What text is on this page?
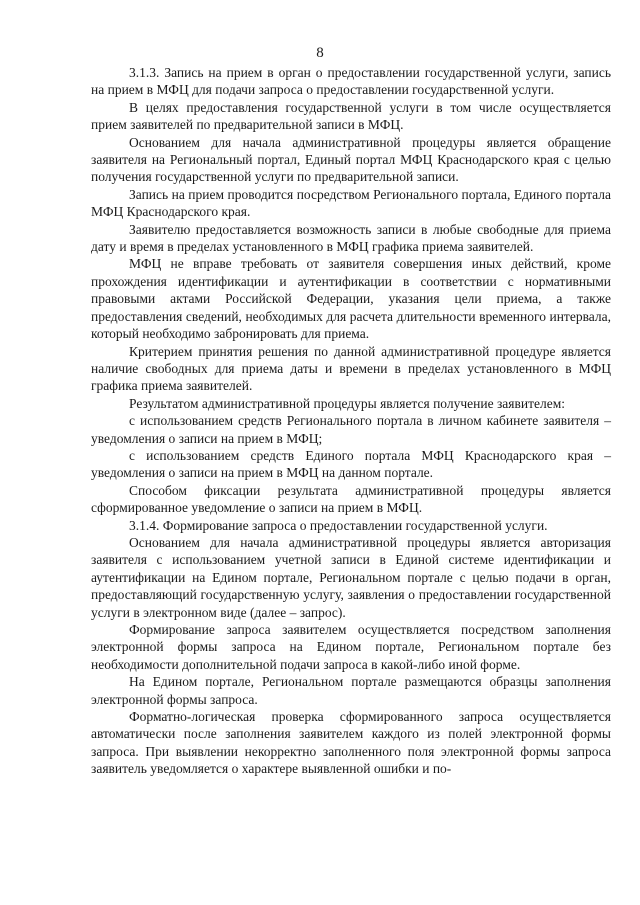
8

3.1.3. Запись на прием в орган о предоставлении государственной услуги, запись на прием в МФЦ для подачи запроса о предоставлении государственной услуги.

В целях предоставления государственной услуги в том числе осуществляется прием заявителей по предварительной записи в МФЦ.

Основанием для начала административной процедуры является обращение заявителя на Региональный портал, Единый портал МФЦ Краснодарского края с целью получения государственной услуги по предварительной записи.

Запись на прием проводится посредством Регионального портала, Единого портала МФЦ Краснодарского края.

Заявителю предоставляется возможность записи в любые свободные для приема дату и время в пределах установленного в МФЦ графика приема заявителей.

МФЦ не вправе требовать от заявителя совершения иных действий, кроме прохождения идентификации и аутентификации в соответствии с нормативными правовыми актами Российской Федерации, указания цели приема, а также предоставления сведений, необходимых для расчета длительности временного интервала, который необходимо забронировать для приема.

Критерием принятия решения по данной административной процедуре является наличие свободных для приема даты и времени в пределах установленного в МФЦ графика приема заявителей.

Результатом административной процедуры является получение заявителем:

с использованием средств Регионального портала в личном кабинете заявителя – уведомления о записи на прием в МФЦ;

с использованием средств Единого портала МФЦ Краснодарского края – уведомления о записи на прием в МФЦ на данном портале.

Способом фиксации результата административной процедуры является сформированное уведомление о записи на прием в МФЦ.

3.1.4. Формирование запроса о предоставлении государственной услуги.

Основанием для начала административной процедуры является авторизация заявителя с использованием учетной записи в Единой системе идентификации и аутентификации на Едином портале, Региональном портале с целью подачи в орган, предоставляющий государственную услугу, заявления о предоставлении государственной услуги в электронном виде (далее – запрос).

Формирование запроса заявителем осуществляется посредством заполнения электронной формы запроса на Едином портале, Региональном портале без необходимости дополнительной подачи запроса в какой-либо иной форме.

На Едином портале, Региональном портале размещаются образцы заполнения электронной формы запроса.

Форматно-логическая проверка сформированного запроса осуществляется автоматически после заполнения заявителем каждого из полей электронной формы запроса. При выявлении некорректно заполненного поля электронной формы запроса заявитель уведомляется о характере выявленной ошибки и по-
